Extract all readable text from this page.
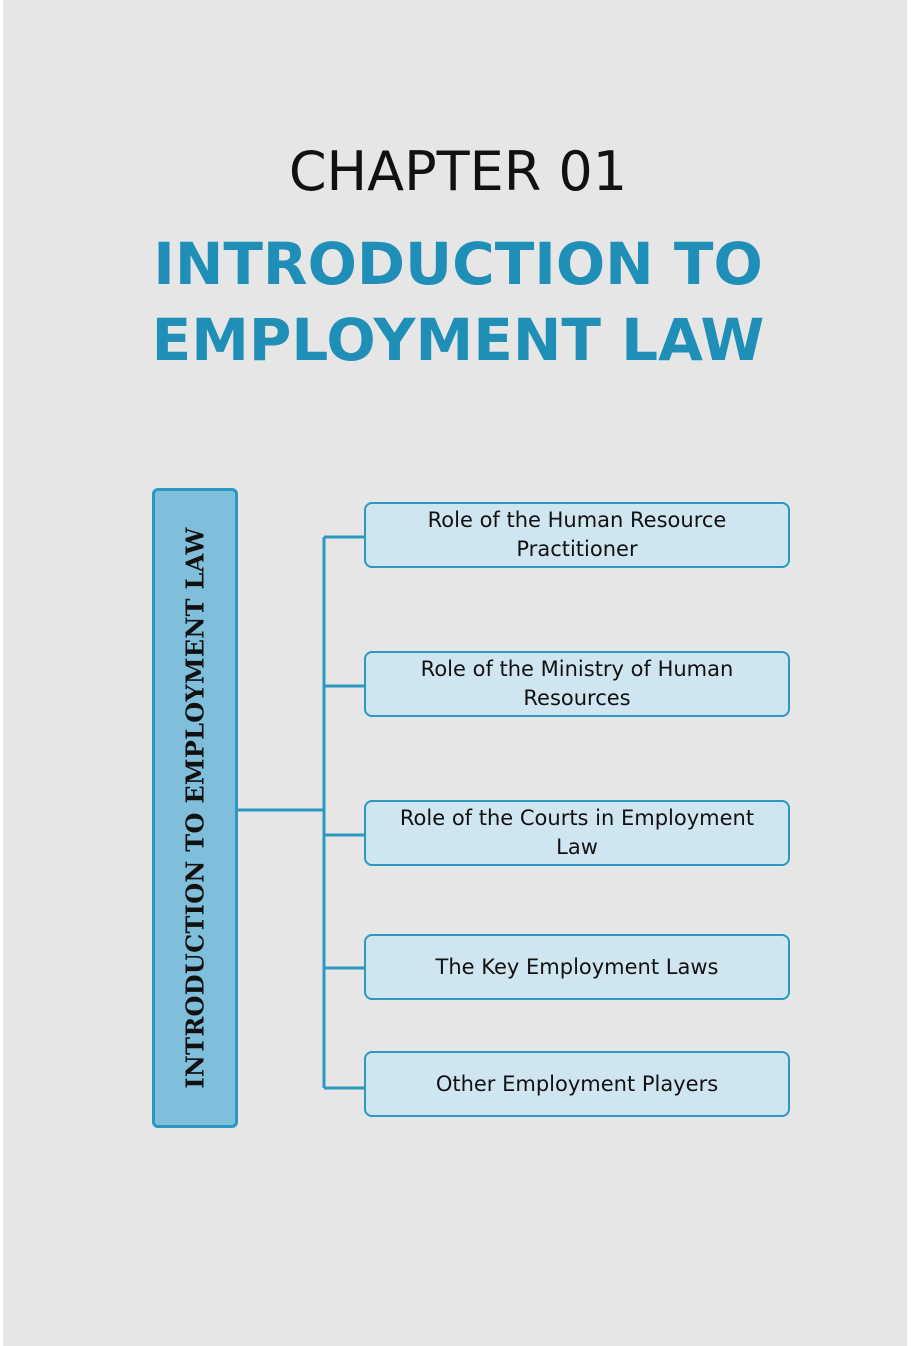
CHAPTER 01
INTRODUCTION TO
EMPLOYMENT LAW
INTRODUCTION TO EMPLOYMENT LAW
Role of the Human Resource Practitioner
Role of the Ministry of Human Resources
Role of the Courts in Employment Law
The Key Employment Laws
Other Employment Players
